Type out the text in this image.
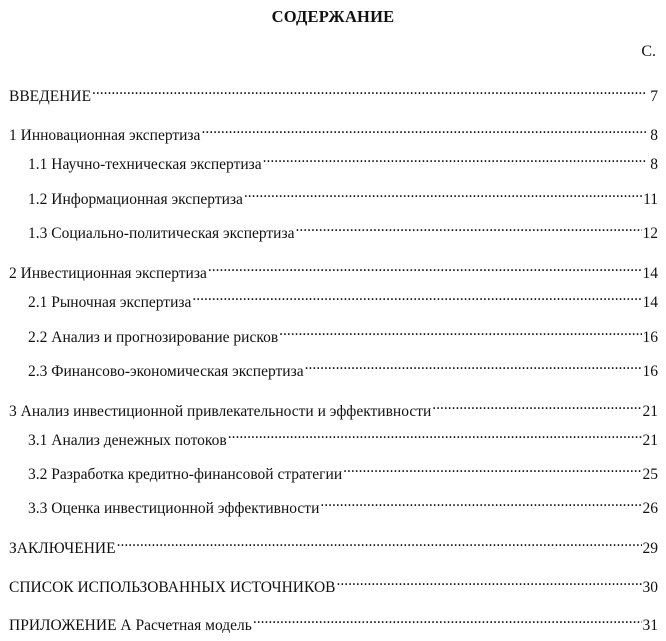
СОДЕРЖАНИЕ
С.
ВВЕДЕНИЕ .....	7
1 Инновационная экспертиза .....	8
1.1 Научно-техническая экспертиза .....	8
1.2 Информационная экспертиза .....	11
1.3 Социально-политическая экспертиза .....	12
2 Инвестиционная экспертиза .....	14
2.1 Рыночная экспертиза .....	14
2.2 Анализ и прогнозирование рисков .....	16
2.3 Финансово-экономическая экспертиза .....	16
3 Анализ инвестиционной привлекательности и эффективности .....	21
3.1 Анализ денежных потоков .....	21
3.2 Разработка кредитно-финансовой стратегии .....	25
3.3 Оценка инвестиционной эффективности .....	26
ЗАКЛЮЧЕНИЕ .....	29
СПИСОК ИСПОЛЬЗОВАННЫХ ИСТОЧНИКОВ .....	30
ПРИЛОЖЕНИЕ А Расчетная модель .....	31
